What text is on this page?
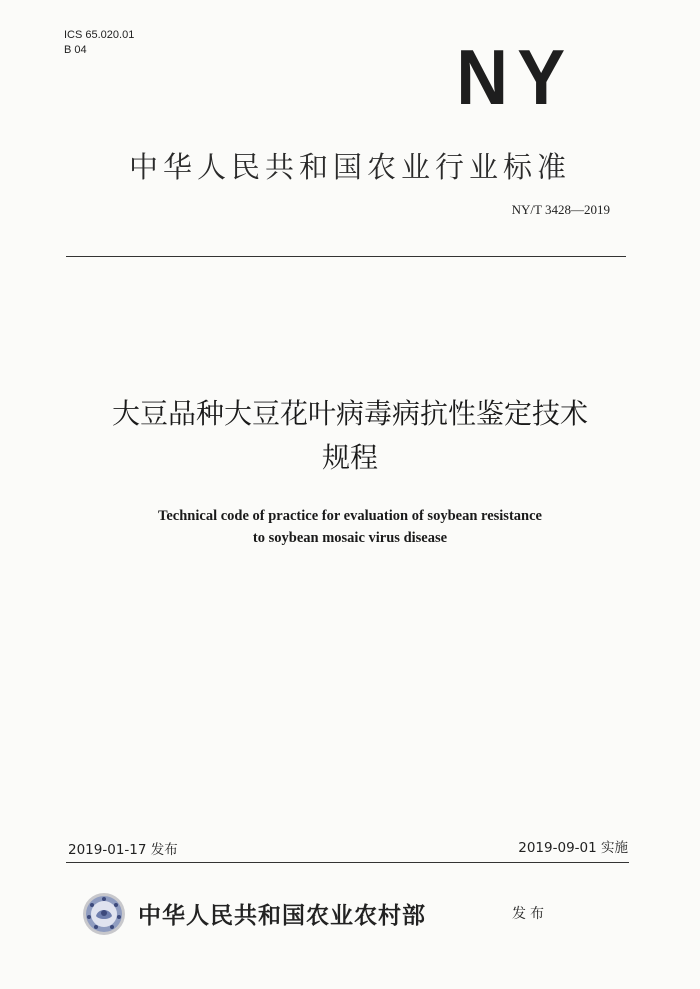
ICS 65.020.01
B 04	NY
中华人民共和国农业行业标准
NY/T 3428—2019
大豆品种大豆花叶病毒病抗性鉴定技术
规程
Technical code of practice for evaluation of soybean resistance
to soybean mosaic virus disease
2019-01-17 发布	2019-09-01 实施
中华人民共和国农业农村部	发布
